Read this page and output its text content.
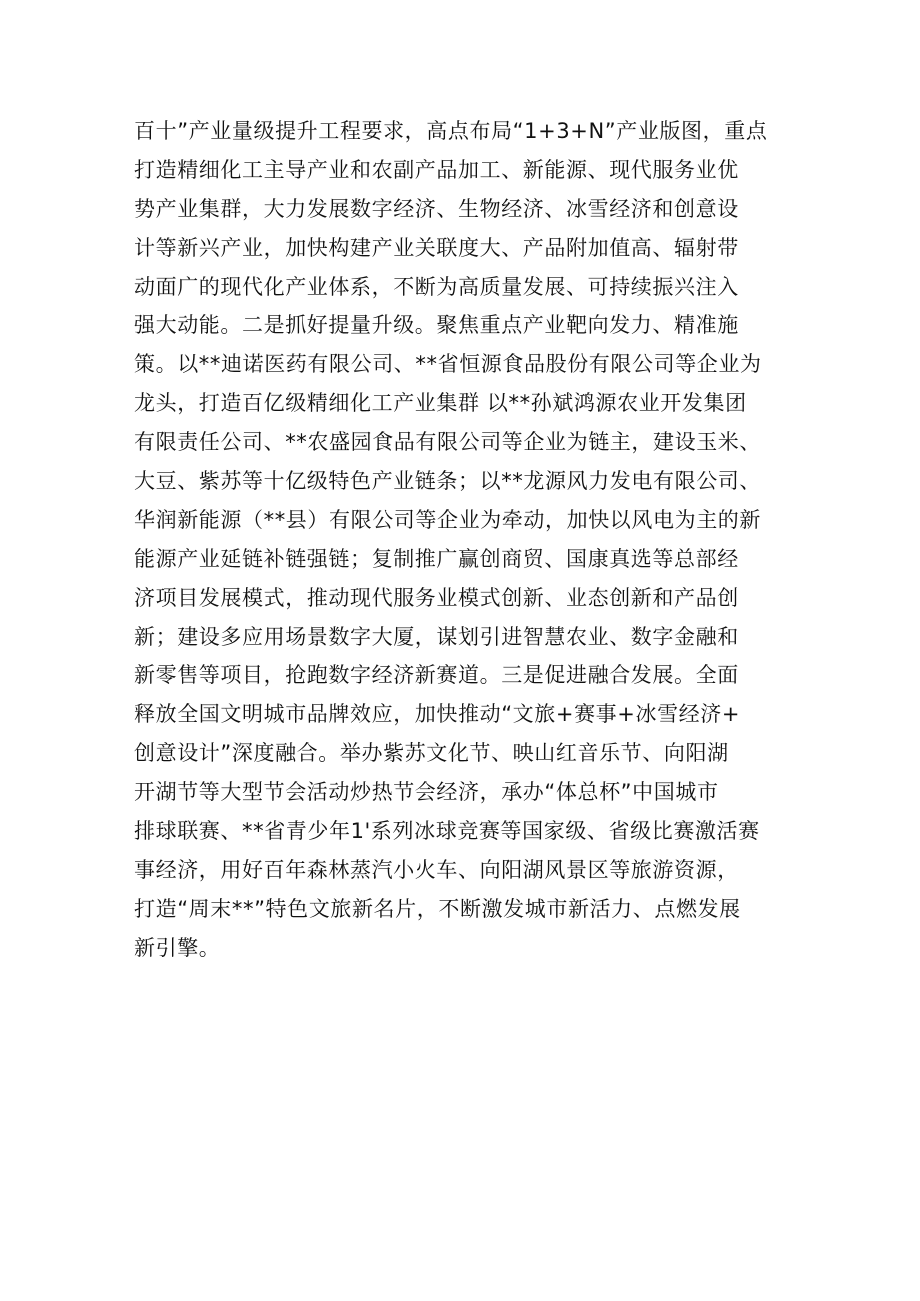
百十”产业量级提升工程要求，高点布局“1+3+N”产业版图，重点
打造精细化工主导产业和农副产品加工、新能源、现代服务业优
势产业集群，大力发展数字经济、生物经济、冰雪经济和创意设
计等新兴产业，加快构建产业关联度大、产品附加值高、辐射带
动面广的现代化产业体系，不断为高质量发展、可持续振兴注入
强大动能。二是抓好提量升级。聚焦重点产业靶向发力、精准施
策。以**迪诺医药有限公司、**省恒源食品股份有限公司等企业为
龙头，打造百亿级精细化工产业集群 以**孙斌鸿源农业开发集团
有限责任公司、**农盛园食品有限公司等企业为链主，建设玉米、
大豆、紫苏等十亿级特色产业链条；以**龙源风力发电有限公司、
华润新能源（**县）有限公司等企业为牵动，加快以风电为主的新
能源产业延链补链强链；复制推广赢创商贸、国康真选等总部经
济项目发展模式，推动现代服务业模式创新、业态创新和产品创
新；建设多应用场景数字大厦，谋划引进智慧农业、数字金融和
新零售等项目，抢跑数字经济新赛道。三是促进融合发展。全面
释放全国文明城市品牌效应，加快推动“文旅+赛事+冰雪经济+
创意设计”深度融合。举办紫苏文化节、映山红音乐节、向阳湖
开湖节等大型节会活动炒热节会经济，承办“体总杯”中国城市
排球联赛、**省青少年1'系列冰球竞赛等国家级、省级比赛激活赛
事经济，用好百年森林蒸汽小火车、向阳湖风景区等旅游资源，
打造“周末**”特色文旅新名片，不断激发城市新活力、点燃发展
新引擎。
